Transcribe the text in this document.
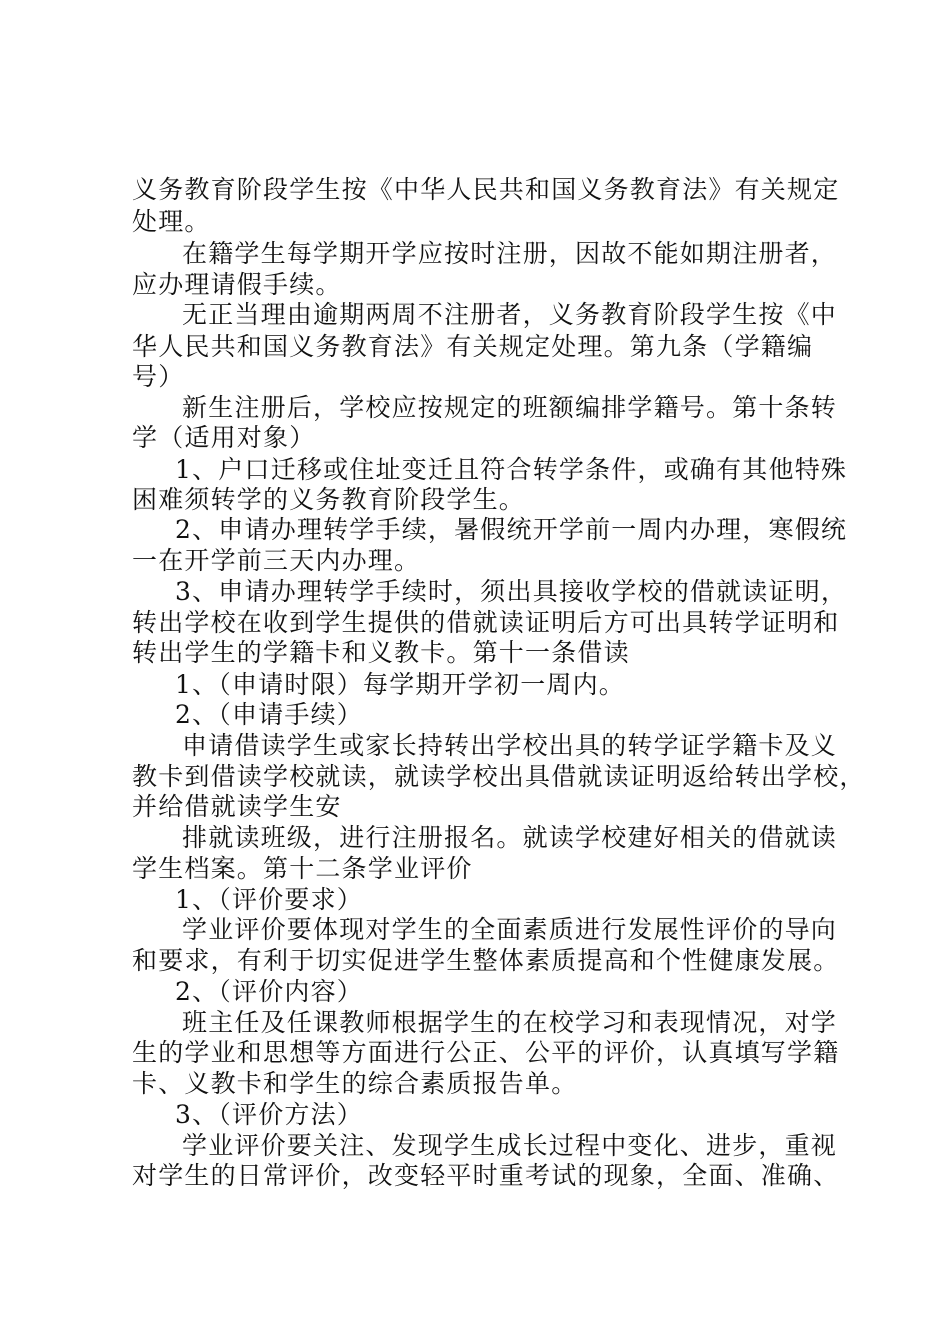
义务教育阶段学生按《中华人民共和国义务教育法》有关规定
处理。
在籍学生每学期开学应按时注册，因故不能如期注册者，
应办理请假手续。
无正当理由逾期两周不注册者，义务教育阶段学生按《中
华人民共和国义务教育法》有关规定处理。第九条（学籍编
号）
新生注册后，学校应按规定的班额编排学籍号。第十条转
学（适用对象）
1、户口迁移或住址变迁且符合转学条件，或确有其他特殊
困难须转学的义务教育阶段学生。
2、申请办理转学手续，暑假统开学前一周内办理，寒假统
一在开学前三天内办理。
3、申请办理转学手续时，须出具接收学校的借就读证明，
转出学校在收到学生提供的借就读证明后方可出具转学证明和
转出学生的学籍卡和义教卡。第十一条借读
1、（申请时限）每学期开学初一周内。
2、（申请手续）
申请借读学生或家长持转出学校出具的转学证学籍卡及义
教卡到借读学校就读，就读学校出具借就读证明返给转出学校，
并给借就读学生安
排就读班级，进行注册报名。就读学校建好相关的借就读
学生档案。第十二条学业评价
1、（评价要求）
学业评价要体现对学生的全面素质进行发展性评价的导向
和要求，有利于切实促进学生整体素质提高和个性健康发展。
2、（评价内容）
班主任及任课教师根据学生的在校学习和表现情况，对学
生的学业和思想等方面进行公正、公平的评价，认真填写学籍
卡、义教卡和学生的综合素质报告单。
3、（评价方法）
学业评价要关注、发现学生成长过程中变化、进步，重视
对学生的日常评价，改变轻平时重考试的现象，全面、准确、
